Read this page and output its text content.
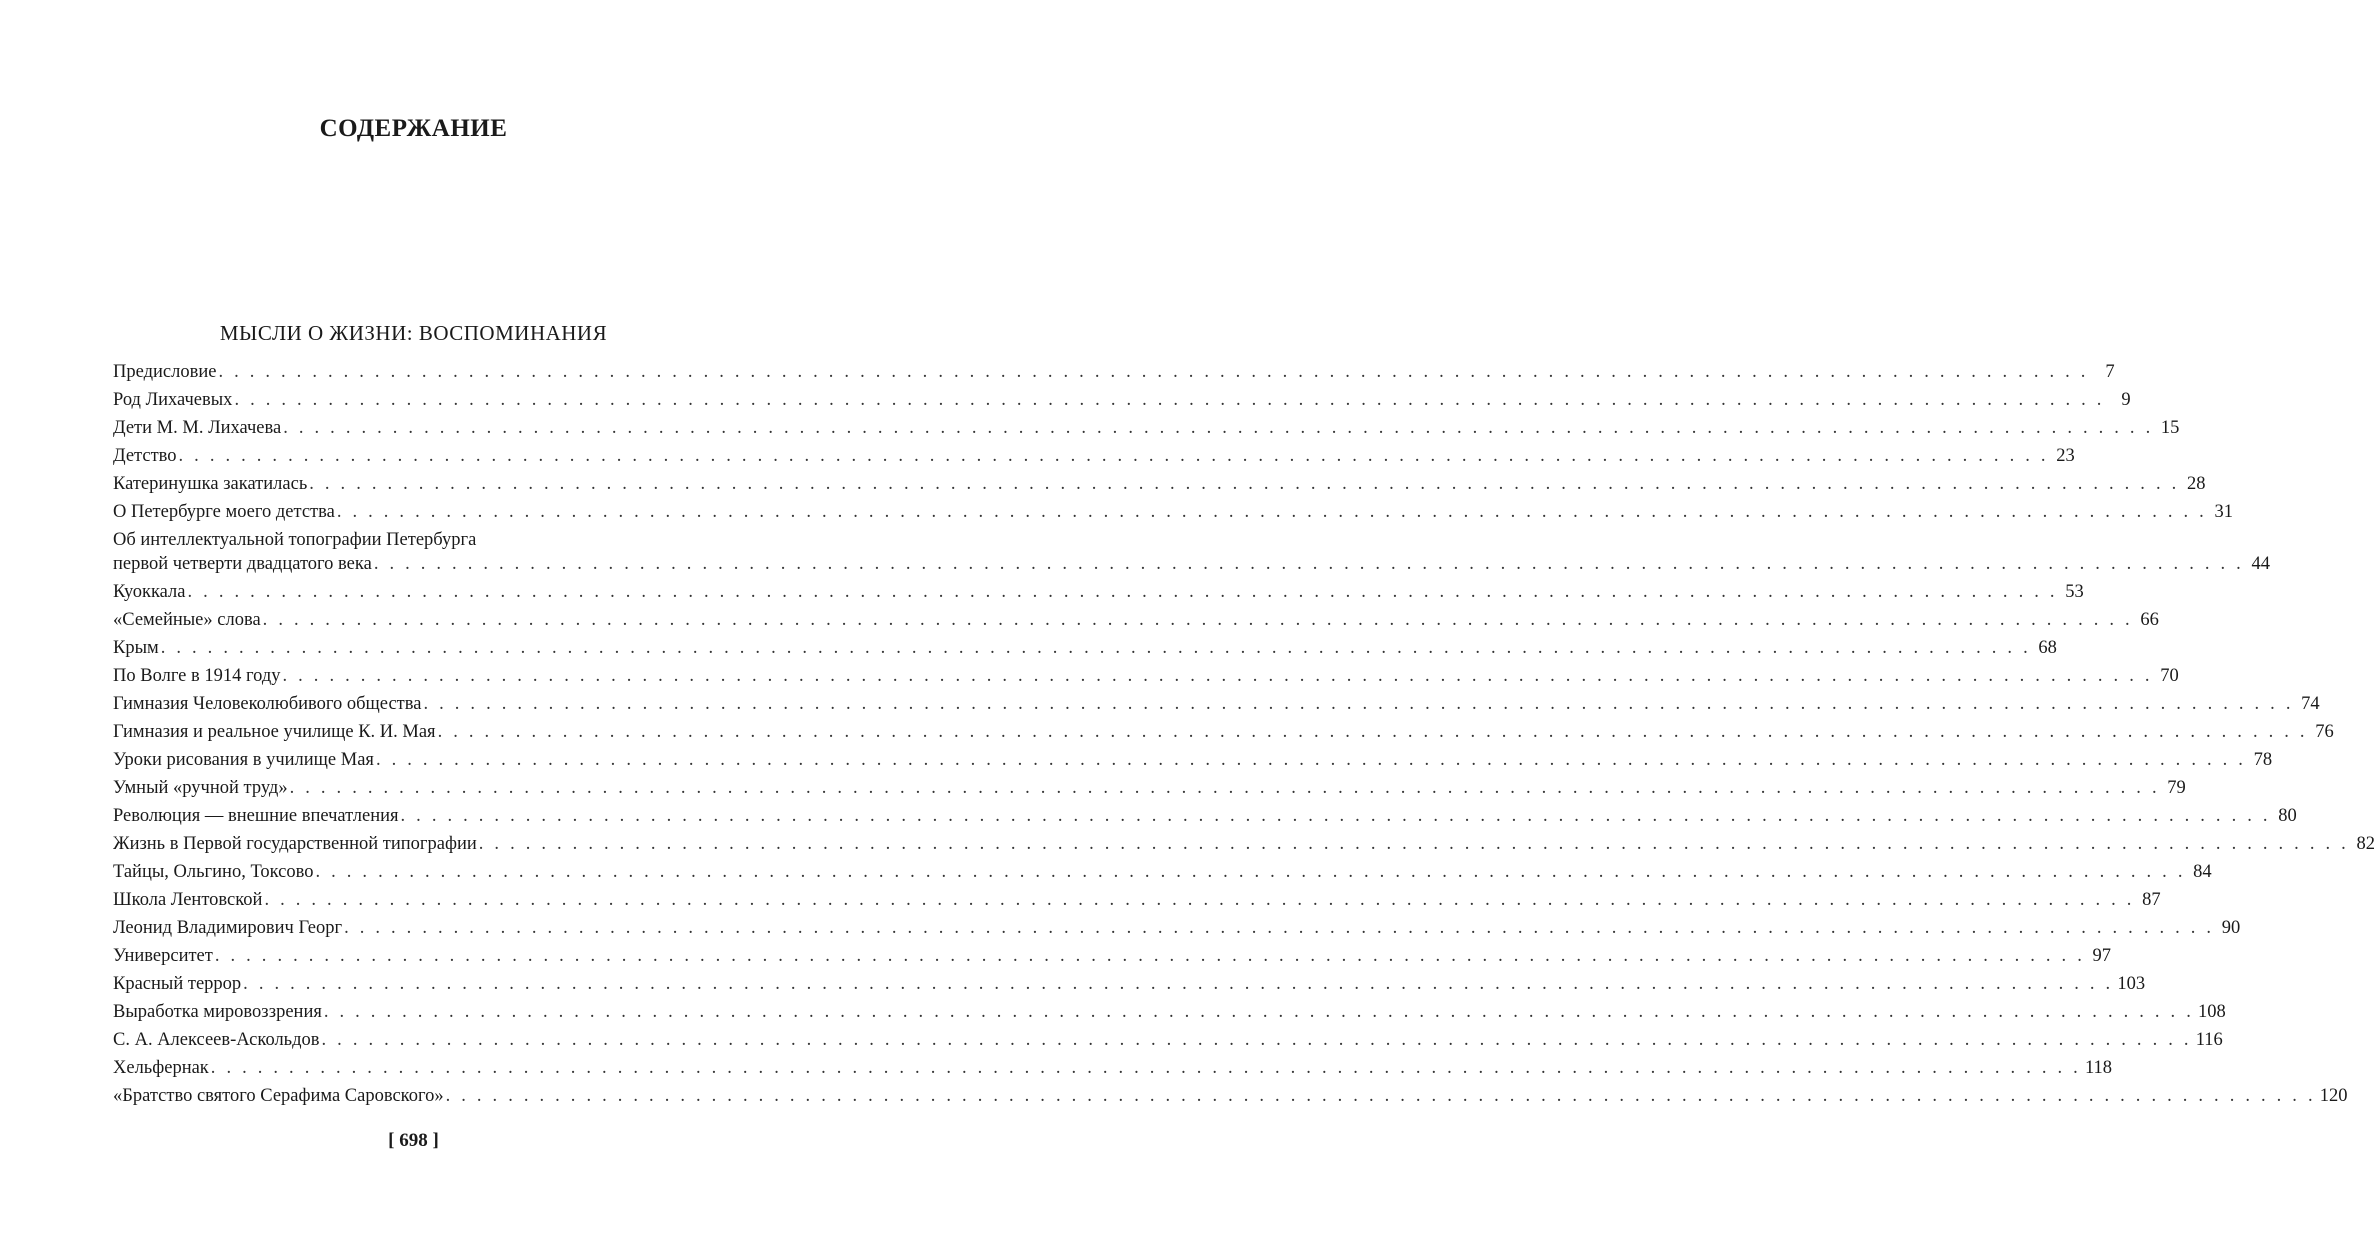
СОДЕРЖАНИЕ
МЫСЛИ О ЖИЗНИ: ВОСПОМИНАНИЯ
Предисловие . . . . . . . . . . . . . . . . . . . . . . . . . . . . . . . . . . . . . . . . . . . . . . . . . . . . . . . . . . . . . . . . . . . . . . . . . . . . . . . . . . . . . . . . . . . . . . . . . . . . . . . . . . . . . . . . . . . . . . . . 7
Род Лихачевых . . . . . . . . . . . . . . . . . . . . . . . . . . . . . . . . . . . . . . . . . . . . . . . . . . . . . . . . . . . . . . . . . . . . . . . . . . . . . . . . . . . . . . . . . . . . . . . . . . . . . . . . . . . . . . . . . . . . . . . . 9
Дети М. М. Лихачева . . . . . . . . . . . . . . . . . . . . . . . . . . . . . . . . . . . . . . . . . . . . . . . . . . . . . . . . . . . . . . . . . . . . . . . . . . . . . . . . . . . . . . . . . . . . . . . . . . . . . . . . . . . . . . . . . . . . . . . . 15
Детство . . . . . . . . . . . . . . . . . . . . . . . . . . . . . . . . . . . . . . . . . . . . . . . . . . . . . . . . . . . . . . . . . . . . . . . . . . . . . . . . . . . . . . . . . . . . . . . . . . . . . . . . . . . . . . . . . . . . . . . . 23
Катеринушка закатилась . . . . . . . . . . . . . . . . . . . . . . . . . . . . . . . . . . . . . . . . . . . . . . . . . . . . . . . . . . . . . . . . . . . . . . . . . . . . . . . . . . . . . . . . . . . . . . . . . . . . . . . . . . . . . . . . . . . . . . . . 28
О Петербурге моего детства . . . . . . . . . . . . . . . . . . . . . . . . . . . . . . . . . . . . . . . . . . . . . . . . . . . . . . . . . . . . . . . . . . . . . . . . . . . . . . . . . . . . . . . . . . . . . . . . . . . . . . . . . . . . . . . . . . . . . . . . 31
Об интеллектуальной топографии Петербурга
первой четверти двадцатого века . . . . . . . . . . . . . . . . . . . . . . . . . . . . . . . . . . . . . . . . . . . . . . . . . . . . . . . . . . . . . . . . . . . . . . . . . . . . . . . . . . . . . . . . . . . . . . . . . . . . . . . . . . . . . . . . . . . . . . . . 44
Куоккала . . . . . . . . . . . . . . . . . . . . . . . . . . . . . . . . . . . . . . . . . . . . . . . . . . . . . . . . . . . . . . . . . . . . . . . . . . . . . . . . . . . . . . . . . . . . . . . . . . . . . . . . . . . . . . . . . . . . . . . . 53
«Семейные» слова . . . . . . . . . . . . . . . . . . . . . . . . . . . . . . . . . . . . . . . . . . . . . . . . . . . . . . . . . . . . . . . . . . . . . . . . . . . . . . . . . . . . . . . . . . . . . . . . . . . . . . . . . . . . . . . . . . . . . . . . 66
Крым . . . . . . . . . . . . . . . . . . . . . . . . . . . . . . . . . . . . . . . . . . . . . . . . . . . . . . . . . . . . . . . . . . . . . . . . . . . . . . . . . . . . . . . . . . . . . . . . . . . . . . . . . . . . . . . . . . . . . . . . 68
По Волге в 1914 году . . . . . . . . . . . . . . . . . . . . . . . . . . . . . . . . . . . . . . . . . . . . . . . . . . . . . . . . . . . . . . . . . . . . . . . . . . . . . . . . . . . . . . . . . . . . . . . . . . . . . . . . . . . . . . . . . . . . . . . . 70
Гимназия Человеколюбивого общества . . . . . . . . . . . . . . . . . . . . . . . . . . . . . . . . . . . . . . . . . . . . . . . . . . . . . . . . . . . . . . . . . . . . . . . . . . . . . . . . . . . . . . . . . . . . . . . . . . . . . . . . . . . . . . . . . . . . . . . . 74
Гимназия и реальное училище К. И. Мая . . . . . . . . . . . . . . . . . . . . . . . . . . . . . . . . . . . . . . . . . . . . . . . . . . . . . . . . . . . . . . . . . . . . . . . . . . . . . . . . . . . . . . . . . . . . . . . . . . . . . . . . . . . . . . . . . . . . . . . . 76
Уроки рисования в училище Мая . . . . . . . . . . . . . . . . . . . . . . . . . . . . . . . . . . . . . . . . . . . . . . . . . . . . . . . . . . . . . . . . . . . . . . . . . . . . . . . . . . . . . . . . . . . . . . . . . . . . . . . . . . . . . . . . . . . . . . . . 78
Умный «ручной труд» . . . . . . . . . . . . . . . . . . . . . . . . . . . . . . . . . . . . . . . . . . . . . . . . . . . . . . . . . . . . . . . . . . . . . . . . . . . . . . . . . . . . . . . . . . . . . . . . . . . . . . . . . . . . . . . . . . . . . . . . 79
Революция — внешние впечатления . . . . . . . . . . . . . . . . . . . . . . . . . . . . . . . . . . . . . . . . . . . . . . . . . . . . . . . . . . . . . . . . . . . . . . . . . . . . . . . . . . . . . . . . . . . . . . . . . . . . . . . . . . . . . . . . . . . . . . . . 80
Жизнь в Первой государственной типографии . . . . . . . . . . . . . . . . . . . . . . . . . . . . . . . . . . . . . . . . . . . . . . . . . . . . . . . . . . . . . . . . . . . . . . . . . . . . . . . . . . . . . . . . . . . . . . . . . . . . . . . . . . . . . . . . . . . . . . . . 82
Тайцы, Ольгино, Токсово . . . . . . . . . . . . . . . . . . . . . . . . . . . . . . . . . . . . . . . . . . . . . . . . . . . . . . . . . . . . . . . . . . . . . . . . . . . . . . . . . . . . . . . . . . . . . . . . . . . . . . . . . . . . . . . . . . . . . . . . 84
Школа Лентовской . . . . . . . . . . . . . . . . . . . . . . . . . . . . . . . . . . . . . . . . . . . . . . . . . . . . . . . . . . . . . . . . . . . . . . . . . . . . . . . . . . . . . . . . . . . . . . . . . . . . . . . . . . . . . . . . . . . . . . . . 87
Леонид Владимирович Георг . . . . . . . . . . . . . . . . . . . . . . . . . . . . . . . . . . . . . . . . . . . . . . . . . . . . . . . . . . . . . . . . . . . . . . . . . . . . . . . . . . . . . . . . . . . . . . . . . . . . . . . . . . . . . . . . . . . . . . . . 90
Университет . . . . . . . . . . . . . . . . . . . . . . . . . . . . . . . . . . . . . . . . . . . . . . . . . . . . . . . . . . . . . . . . . . . . . . . . . . . . . . . . . . . . . . . . . . . . . . . . . . . . . . . . . . . . . . . . . . . . . . . . 97
Красный террор . . . . . . . . . . . . . . . . . . . . . . . . . . . . . . . . . . . . . . . . . . . . . . . . . . . . . . . . . . . . . . . . . . . . . . . . . . . . . . . . . . . . . . . . . . . . . . . . . . . . . . . . . . . . . . . . . . . . . . . . 103
Выработка мировоззрения . . . . . . . . . . . . . . . . . . . . . . . . . . . . . . . . . . . . . . . . . . . . . . . . . . . . . . . . . . . . . . . . . . . . . . . . . . . . . . . . . . . . . . . . . . . . . . . . . . . . . . . . . . . . . . . . . . . . . . . . 108
С. А. Алексеев-Аскольдов . . . . . . . . . . . . . . . . . . . . . . . . . . . . . . . . . . . . . . . . . . . . . . . . . . . . . . . . . . . . . . . . . . . . . . . . . . . . . . . . . . . . . . . . . . . . . . . . . . . . . . . . . . . . . . . . . . . . . . . . 116
Хельфернак . . . . . . . . . . . . . . . . . . . . . . . . . . . . . . . . . . . . . . . . . . . . . . . . . . . . . . . . . . . . . . . . . . . . . . . . . . . . . . . . . . . . . . . . . . . . . . . . . . . . . . . . . . . . . . . . . . . . . . . . 118
«Братство святого Серафима Саровского» . . . . . . . . . . . . . . . . . . . . . . . . . . . . . . . . . . . . . . . . . . . . . . . . . . . . . . . . . . . . . . . . . . . . . . . . . . . . . . . . . . . . . . . . . . . . . . . . . . . . . . . . . . . . . . . . . . . . . . . . 120
[ 698 ]
